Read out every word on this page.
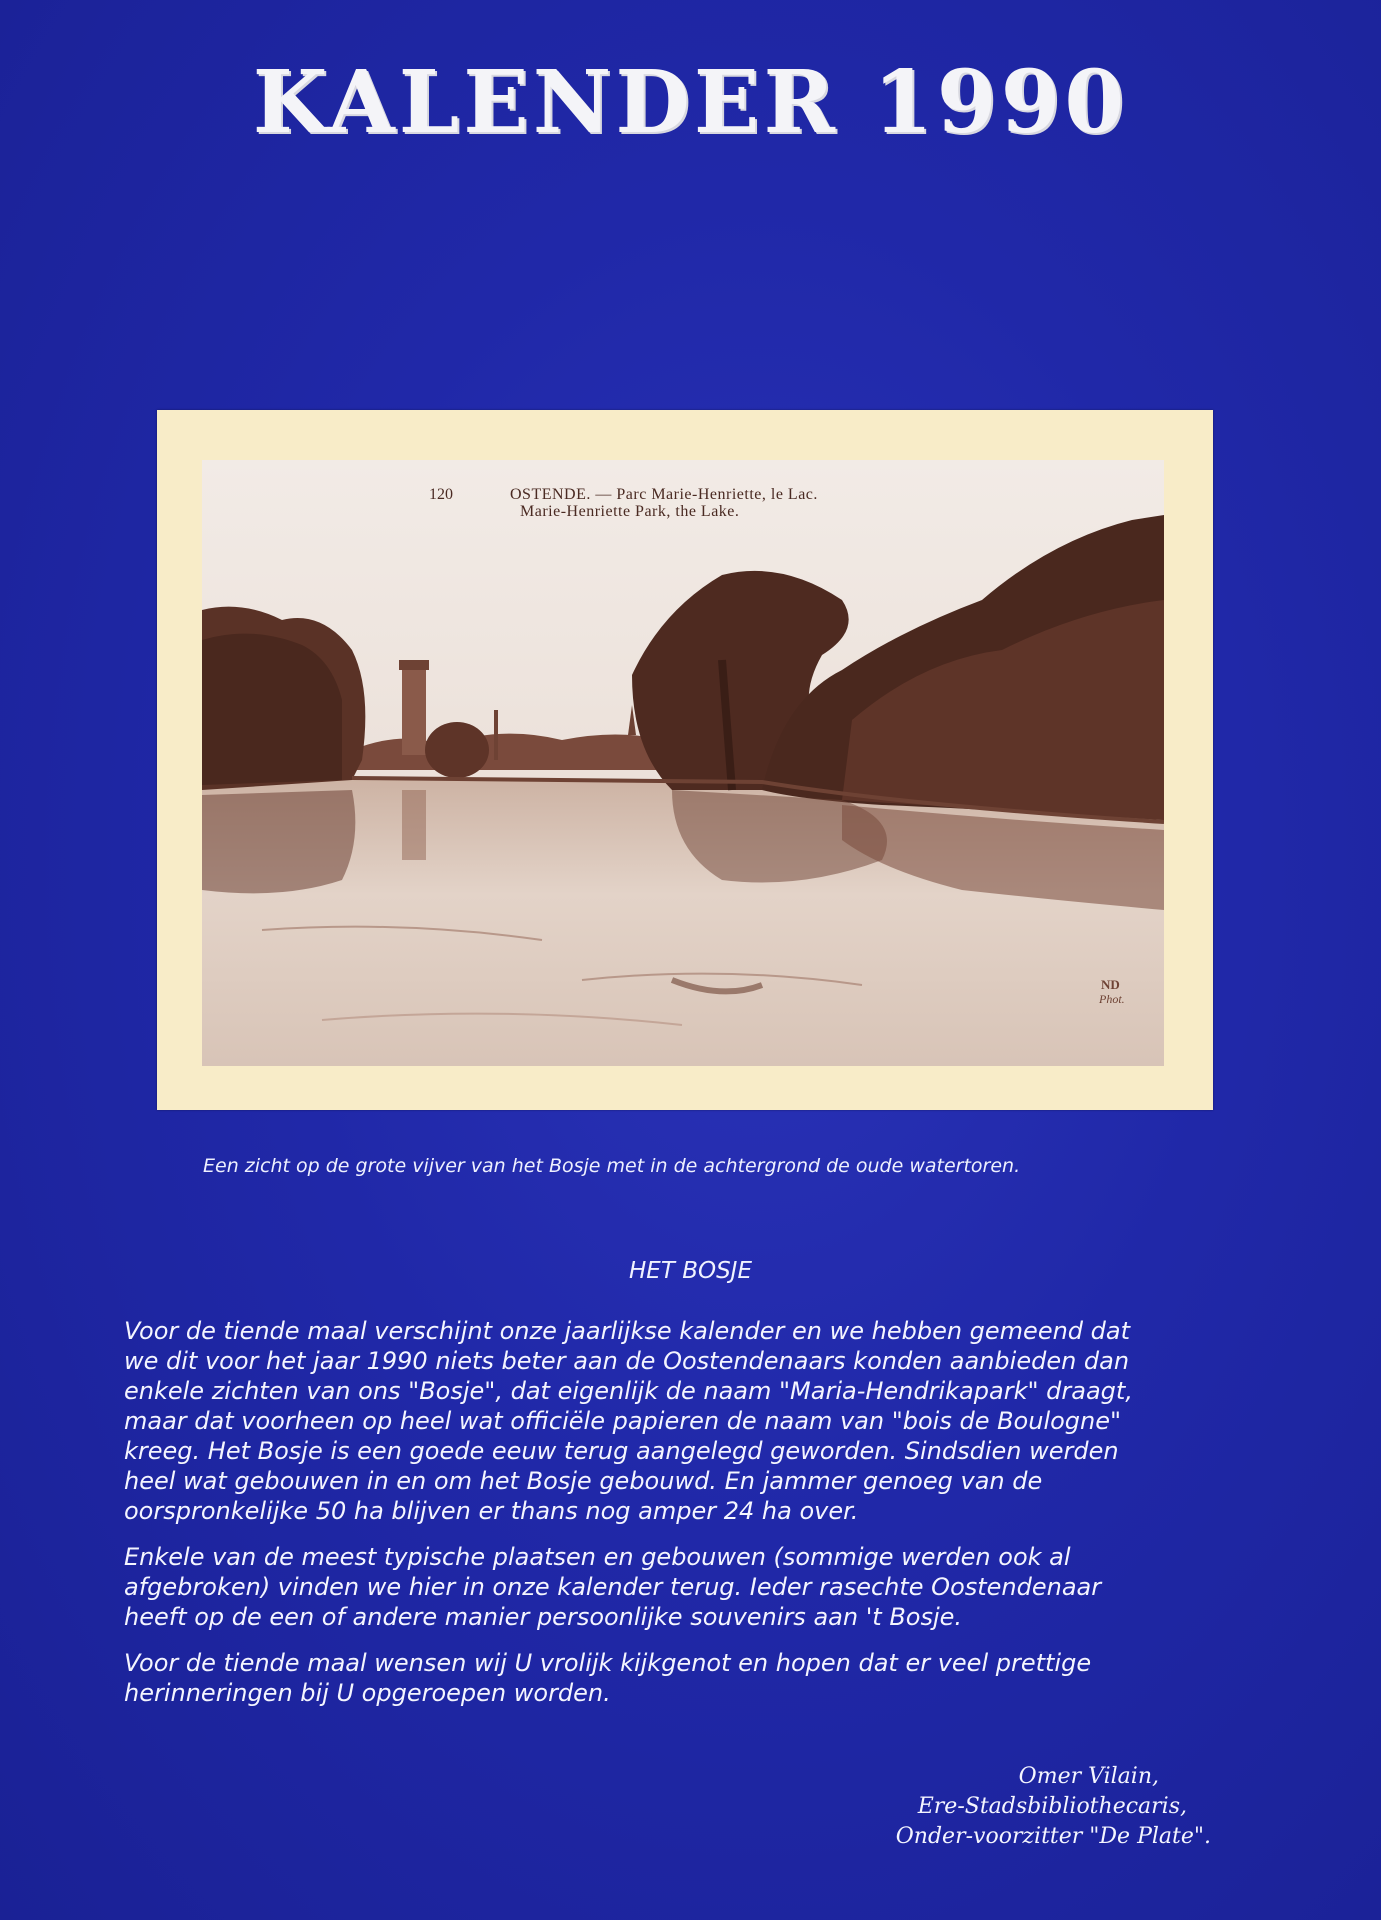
KALENDER 1990
120	OSTENDE. — Parc Marie-Henriette, le Lac.
Marie-Henriette Park, the Lake.
ND
Phot.
Een zicht op de grote vijver van het Bosje met in de achtergrond de oude watertoren.
HET BOSJE
Voor de tiende maal verschijnt onze jaarlijkse kalender en we hebben gemeend dat
we dit voor het jaar 1990 niets beter aan de Oostendenaars konden aanbieden dan
enkele zichten van ons "Bosje", dat eigenlijk de naam "Maria-Hendrikapark" draagt,
maar dat voorheen op heel wat officiële papieren de naam van "bois de Boulogne"
kreeg. Het Bosje is een goede eeuw terug aangelegd geworden. Sindsdien werden
heel wat gebouwen in en om het Bosje gebouwd. En jammer genoeg van de
oorspronkelijke 50 ha blijven er thans nog amper 24 ha over.
Enkele van de meest typische plaatsen en gebouwen (sommige werden ook al
afgebroken) vinden we hier in onze kalender terug. Ieder rasechte Oostendenaar
heeft op de een of andere manier persoonlijke souvenirs aan 't Bosje.
Voor de tiende maal wensen wij U vrolijk kijkgenot en hopen dat er veel prettige
herinneringen bij U opgeroepen worden.
Omer Vilain,
Ere-Stadsbibliothecaris,
Onder-voorzitter "De Plate".
